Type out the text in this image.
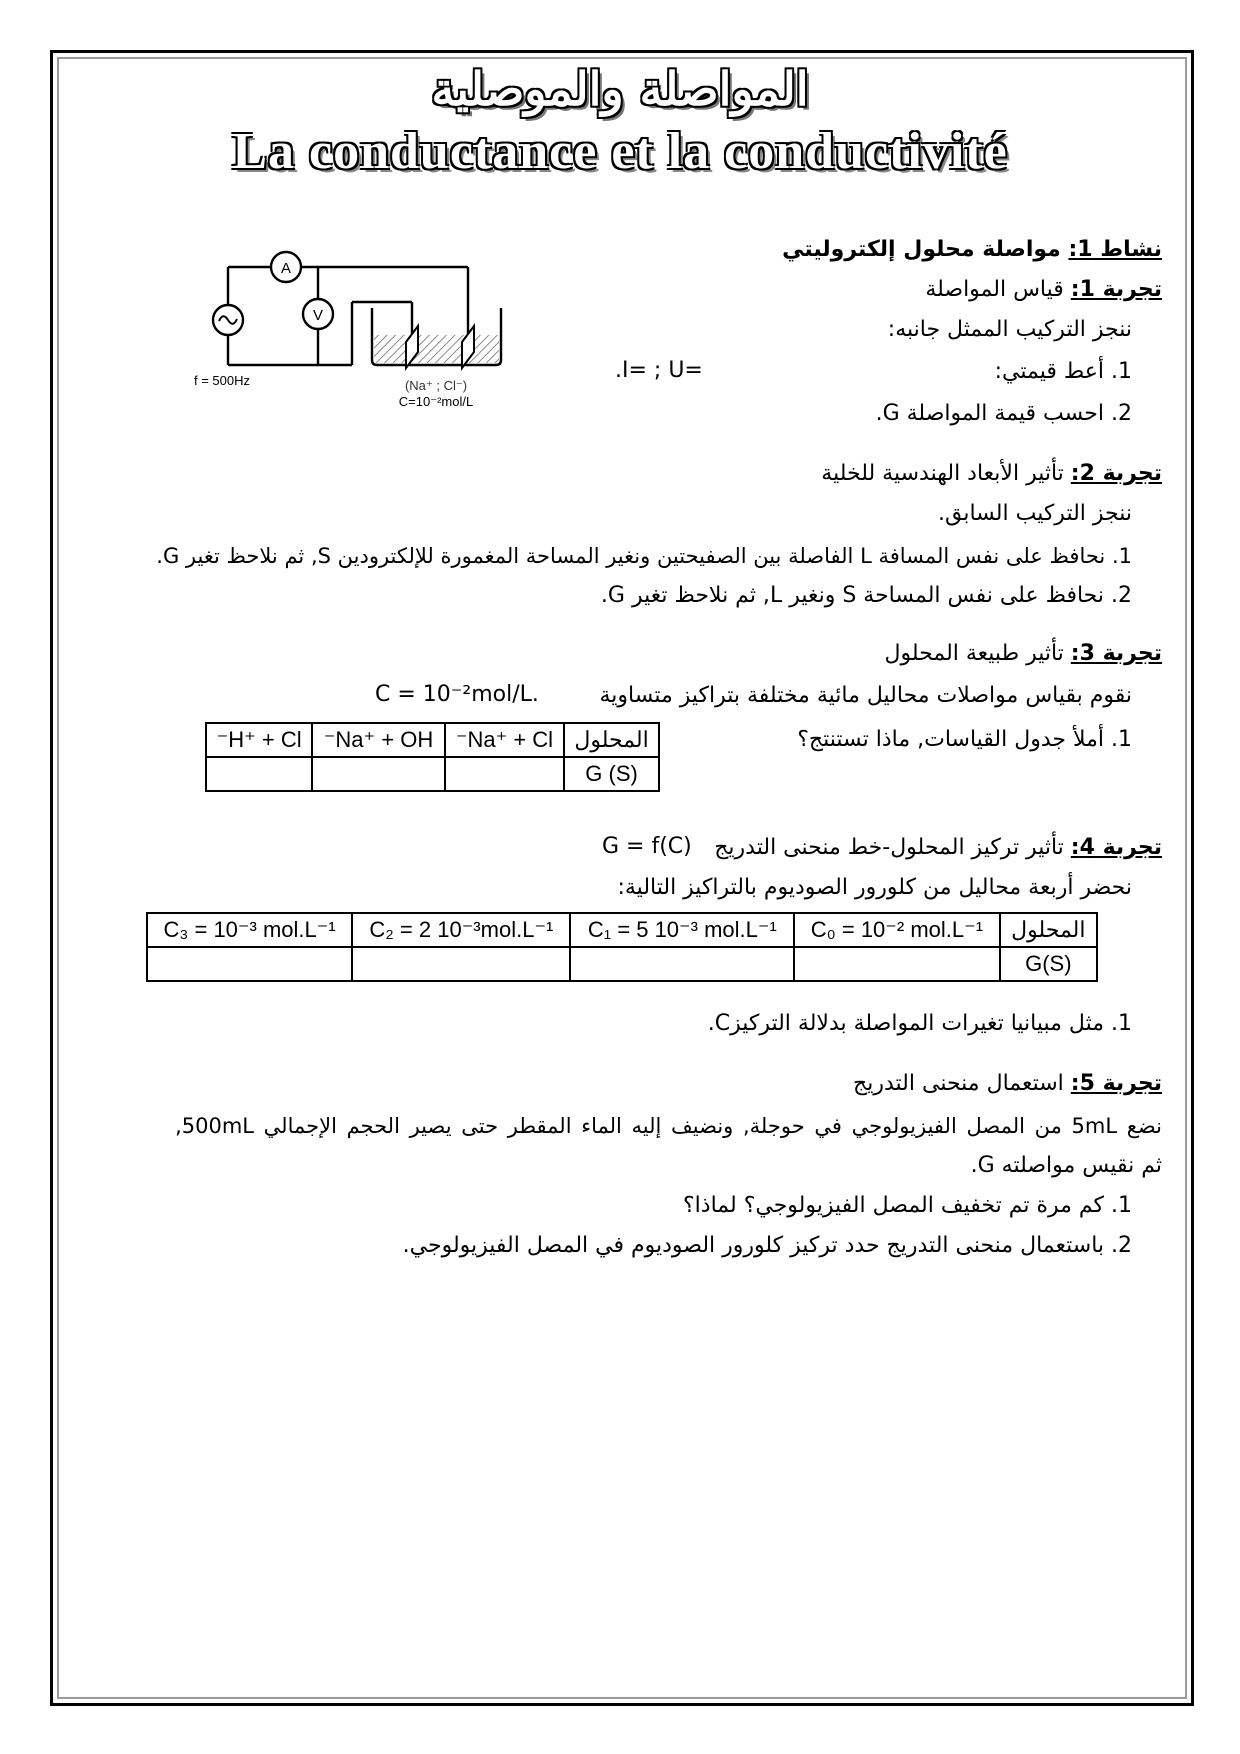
المواصلة والموصلية
La conductance et la conductivité
نشاط 1: مواصلة محلول إلكتروليتي
A
V
f = 500Hz	(Na⁺ ; Cl⁻)
C=10⁻²mol/L
تجربة 1: قياس المواصلة
ننجز التركيب الممثل جانبه:
1. أعط قيمتي:
.I= ; U=
2. احسب قيمة المواصلة G.
تجربة 2: تأثير الأبعاد الهندسية للخلية
ننجز التركيب السابق.
1. نحافظ على نفس المسافة L الفاصلة بين الصفيحتين ونغير المساحة المغمورة للإلكترودين S, ثم نلاحظ تغير G.
2. نحافظ على نفس المساحة S ونغير L, ثم نلاحظ تغير G.
تجربة 3: تأثير طبيعة المحلول
نقوم بقياس مواصلات محاليل مائية مختلفة بتراكيز متساوية
C = 10⁻²mol/L.
1. أملأ جدول القياسات, ماذا تستنتج؟
المحلول	Na⁺ + Cl⁻	Na⁺ + OH⁻	H⁺ + Cl⁻
G (S)			
تجربة 4: تأثير تركيز المحلول-خط منحنى التدريج
G = f(C)
نحضر أربعة محاليل من كلورور الصوديوم بالتراكيز التالية:
المحلول	C₀ = 10⁻² mol.L⁻¹	C₁ = 5 10⁻³ mol.L⁻¹	C₂ = 2 10⁻³mol.L⁻¹	C₃ = 10⁻³ mol.L⁻¹
G(S)				
1. مثل مبيانيا تغيرات المواصلة بدلالة التركيزC.
تجربة 5: استعمال منحنى التدريج
نضع 5mL من المصل الفيزيولوجي في حوجلة, ونضيف إليه الماء المقطر حتى يصير الحجم الإجمالي 500mL,
ثم نقيس مواصلته G.
1. كم مرة تم تخفيف المصل الفيزيولوجي؟ لماذا؟
2. باستعمال منحنى التدريج حدد تركيز كلورور الصوديوم في المصل الفيزيولوجي.
